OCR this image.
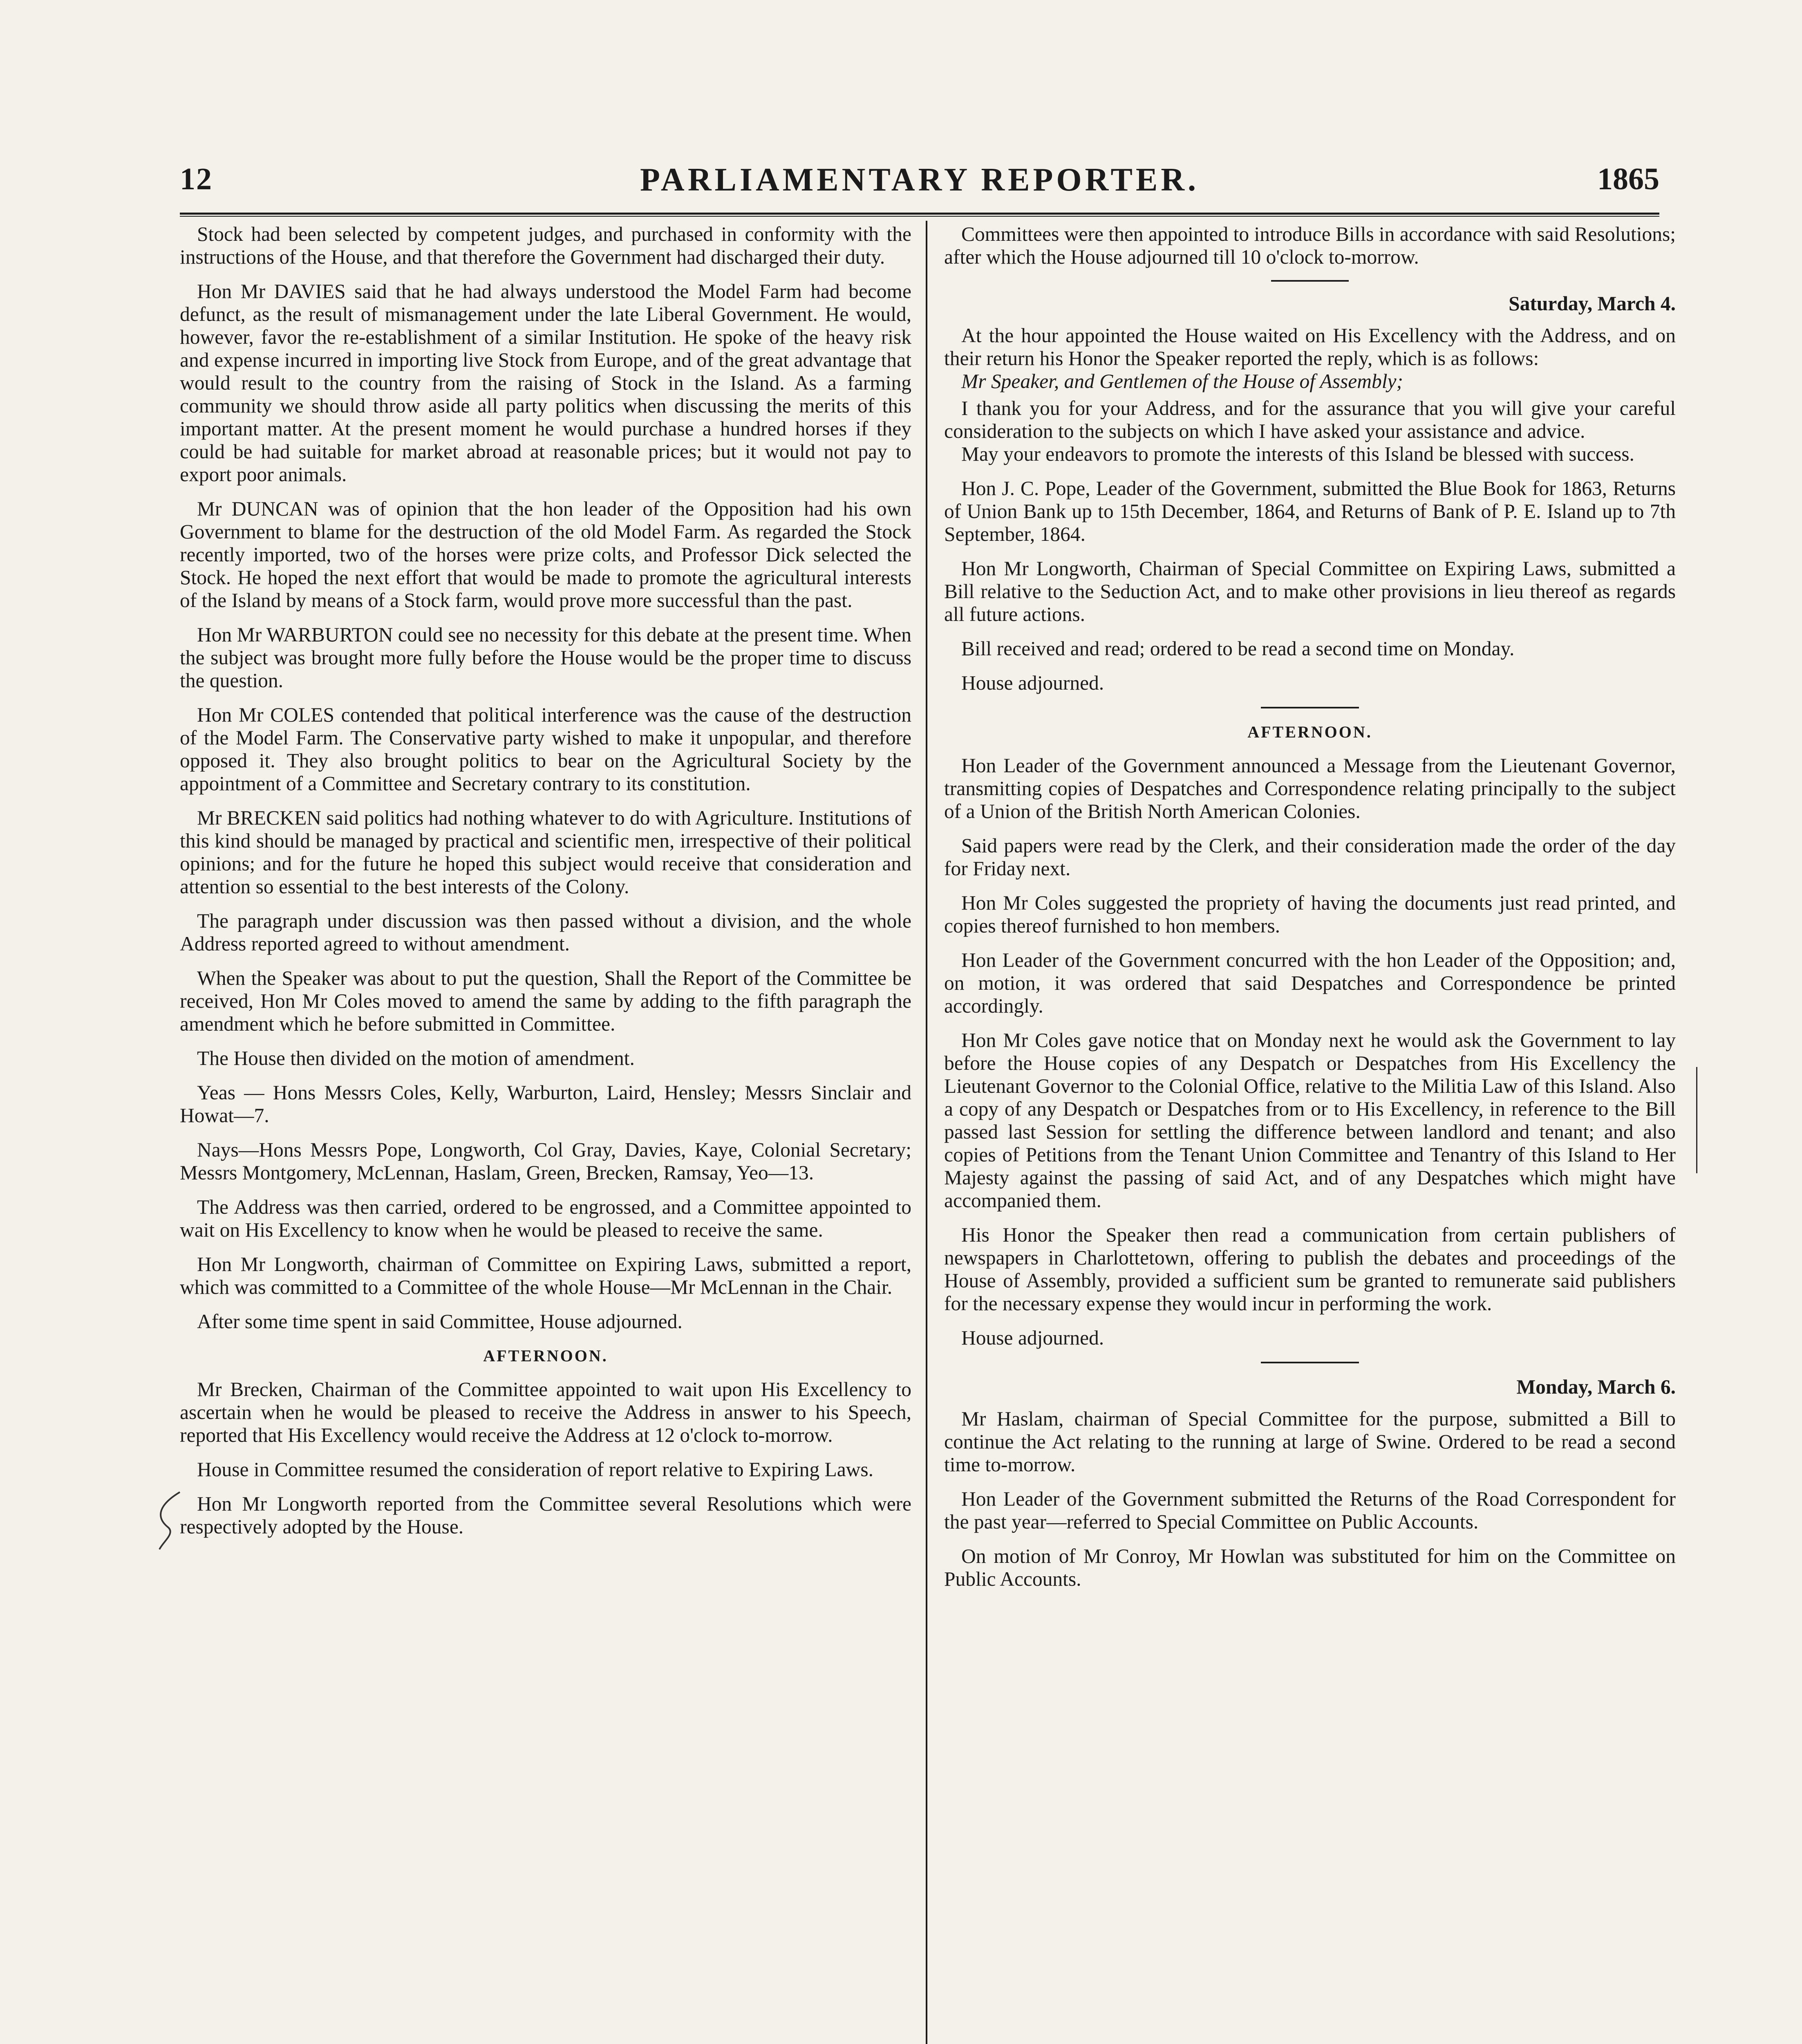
12	PARLIAMENTARY REPORTER.	1865

Stock had been selected by competent judges, and purchased in conformity with the instructions of the House, and that therefore the Government had discharged their duty.

Hon Mr DAVIES said that he had always understood the Model Farm had become defunct, as the result of mismanagement under the late Liberal Government. He would, however, favor the re-establishment of a similar Institution. He spoke of the heavy risk and expense incurred in importing live Stock from Europe, and of the great advantage that would result to the country from the raising of Stock in the Island. As a farming community we should throw aside all party politics when discussing the merits of this important matter. At the present moment he would purchase a hundred horses if they could be had suitable for market abroad at reasonable prices; but it would not pay to export poor animals.

Mr DUNCAN was of opinion that the hon leader of the Opposition had his own Government to blame for the destruction of the old Model Farm. As regarded the Stock recently imported, two of the horses were prize colts, and Professor Dick selected the Stock. He hoped the next effort that would be made to promote the agricultural interests of the Island by means of a Stock farm, would prove more successful than the past.

Hon Mr WARBURTON could see no necessity for this debate at the present time. When the subject was brought more fully before the House would be the proper time to discuss the question.

Hon Mr COLES contended that political interference was the cause of the destruction of the Model Farm. The Conservative party wished to make it unpopular, and therefore opposed it. They also brought politics to bear on the Agricultural Society by the appointment of a Committee and Secretary contrary to its constitution.

Mr BRECKEN said politics had nothing whatever to do with Agriculture. Institutions of this kind should be managed by practical and scientific men, irrespective of their political opinions; and for the future he hoped this subject would receive that consideration and attention so essential to the best interests of the Colony.

The paragraph under discussion was then passed without a division, and the whole Address reported agreed to without amendment.

When the Speaker was about to put the question, Shall the Report of the Committee be received, Hon Mr Coles moved to amend the same by adding to the fifth paragraph the amendment which he before submitted in Committee.

The House then divided on the motion of amendment.

Yeas — Hons Messrs Coles, Kelly, Warburton, Laird, Hensley; Messrs Sinclair and Howat—7.

Nays—Hons Messrs Pope, Longworth, Col Gray, Davies, Kaye, Colonial Secretary; Messrs Montgomery, McLennan, Haslam, Green, Brecken, Ramsay, Yeo—13.

The Address was then carried, ordered to be engrossed, and a Committee appointed to wait on His Excellency to know when he would be pleased to receive the same.

Hon Mr Longworth, chairman of Committee on Expiring Laws, submitted a report, which was committed to a Committee of the whole House—Mr McLennan in the Chair.

After some time spent in said Committee, House adjourned.

AFTERNOON.

Mr Brecken, Chairman of the Committee appointed to wait upon His Excellency to ascertain when he would be pleased to receive the Address in answer to his Speech, reported that His Excellency would receive the Address at 12 o'clock to-morrow.

House in Committee resumed the consideration of report relative to Expiring Laws.

Hon Mr Longworth reported from the Committee several Resolutions which were respectively adopted by the House.

Committees were then appointed to introduce Bills in accordance with said Resolutions; after which the House adjourned till 10 o'clock to-morrow.

Saturday, March 4.

At the hour appointed the House waited on His Excellency with the Address, and on their return his Honor the Speaker reported the reply, which is as follows:

Mr Speaker, and Gentlemen of the House of Assembly;

I thank you for your Address, and for the assurance that you will give your careful consideration to the subjects on which I have asked your assistance and advice.

May your endeavors to promote the interests of this Island be blessed with success.

Hon J. C. Pope, Leader of the Government, submitted the Blue Book for 1863, Returns of Union Bank up to 15th December, 1864, and Returns of Bank of P. E. Island up to 7th September, 1864.

Hon Mr Longworth, Chairman of Special Committee on Expiring Laws, submitted a Bill relative to the Seduction Act, and to make other provisions in lieu thereof as regards all future actions.

Bill received and read; ordered to be read a second time on Monday.

House adjourned.

AFTERNOON.

Hon Leader of the Government announced a Message from the Lieutenant Governor, transmitting copies of Despatches and Correspondence relating principally to the subject of a Union of the British North American Colonies.

Said papers were read by the Clerk, and their consideration made the order of the day for Friday next.

Hon Mr Coles suggested the propriety of having the documents just read printed, and copies thereof furnished to hon members.

Hon Leader of the Government concurred with the hon Leader of the Opposition; and, on motion, it was ordered that said Despatches and Correspondence be printed accordingly.

Hon Mr Coles gave notice that on Monday next he would ask the Government to lay before the House copies of any Despatch or Despatches from His Excellency the Lieutenant Governor to the Colonial Office, relative to the Militia Law of this Island. Also a copy of any Despatch or Despatches from or to His Excellency, in reference to the Bill passed last Session for settling the difference between landlord and tenant; and also copies of Petitions from the Tenant Union Committee and Tenantry of this Island to Her Majesty against the passing of said Act, and of any Despatches which might have accompanied them.

His Honor the Speaker then read a communication from certain publishers of newspapers in Charlottetown, offering to publish the debates and proceedings of the House of Assembly, provided a sufficient sum be granted to remunerate said publishers for the necessary expense they would incur in performing the work.

House adjourned.

Monday, March 6.

Mr Haslam, chairman of Special Committee for the purpose, submitted a Bill to continue the Act relating to the running at large of Swine. Ordered to be read a second time to-morrow.

Hon Leader of the Government submitted the Returns of the Road Correspondent for the past year—referred to Special Committee on Public Accounts.

On motion of Mr Conroy, Mr Howlan was substituted for him on the Committee on Public Accounts.
